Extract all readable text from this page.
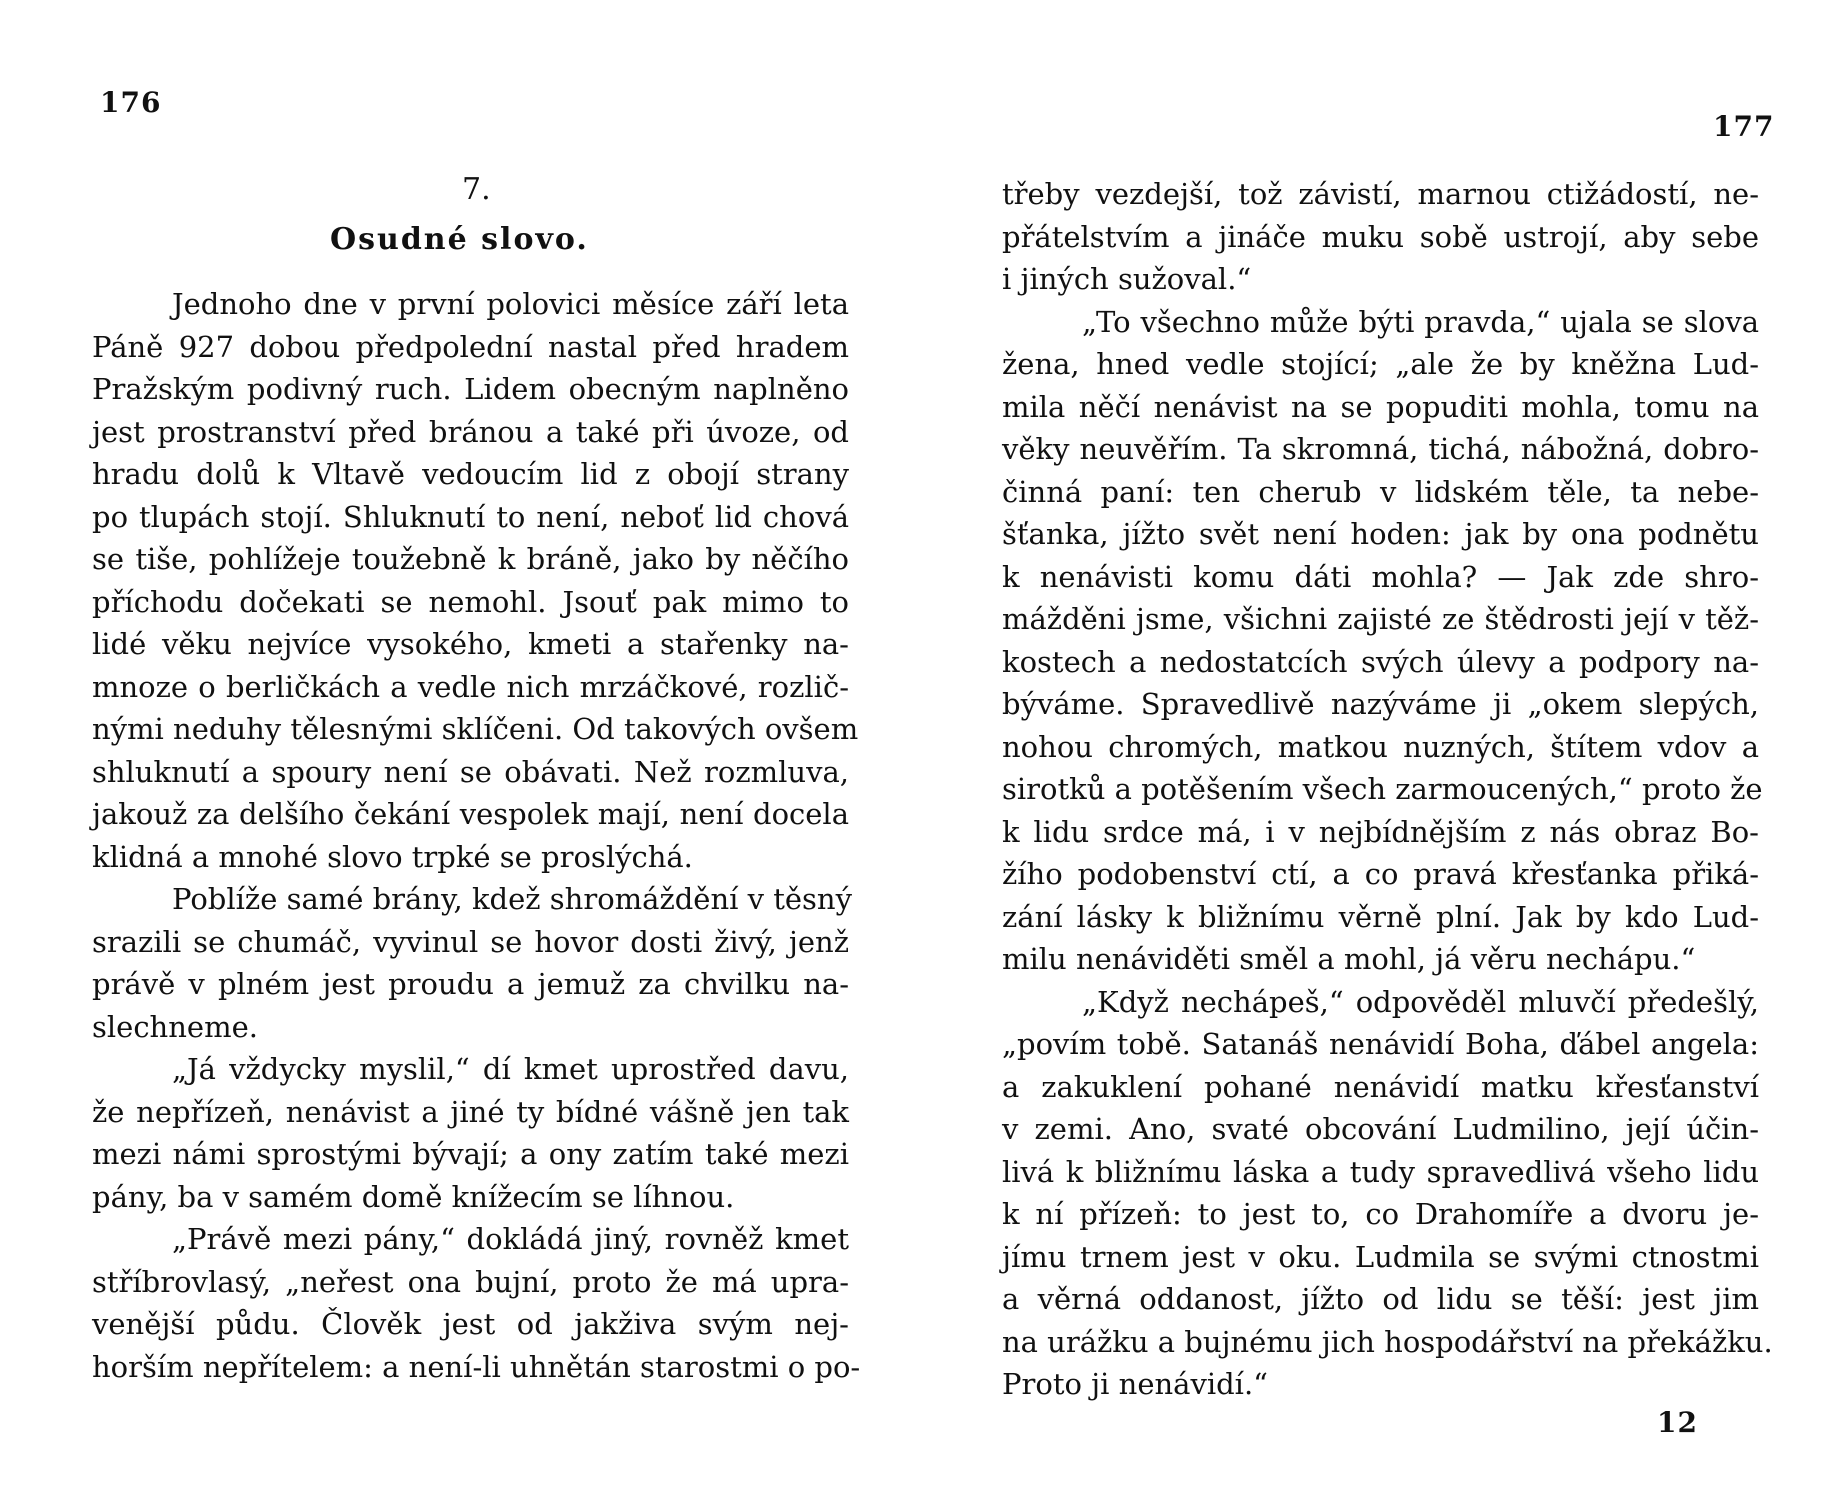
176
7.
Osudné slovo.
Jednoho dne v první polovici měsíce září leta
Páně 927 dobou předpolední nastal před hradem
Pražským podivný ruch. Lidem obecným naplněno
jest prostranství před bránou a také při úvoze, od
hradu dolů k Vltavě vedoucím lid z obojí strany
po tlupách stojí. Shluknutí to není, neboť lid chová
se tiše, pohlížeje toužebně k bráně, jako by něčího
příchodu dočekati se nemohl. Jsouť pak mimo to
lidé věku nejvíce vysokého, kmeti a stařenky na-
mnoze o berličkách a vedle nich mrzáčkové, rozlič-
nými neduhy tělesnými sklíčeni. Od takových ovšem
shluknutí a spoury není se obávati. Než rozmluva,
jakouž za delšího čekání vespolek mají, není docela
klidná a mnohé slovo trpké se proslýchá.
Poblíže samé brány, kdež shromáždění v těsný
srazili se chumáč, vyvinul se hovor dosti živý, jenž
právě v plném jest proudu a jemuž za chvilku na-
slechneme.
„Já vždycky myslil,“ dí kmet uprostřed davu,
že nepřízeň, nenávist a jiné ty bídné vášně jen tak
mezi námi sprostými bývají; a ony zatím také mezi
pány, ba v samém domě knížecím se líhnou.
„Právě mezi pány,“ dokládá jiný, rovněž kmet
stříbrovlasý, „neřest ona bujní, proto že má upra-
venější půdu. Člověk jest od jakživa svým nej-
horším nepřítelem: a není-li uhnětán starostmi o po-
177
třeby vezdejší, tož závistí, marnou ctižádostí, ne-
přátelstvím a jináče muku sobě ustrojí, aby sebe
i jiných sužoval.“
„To všechno může býti pravda,“ ujala se slova
žena, hned vedle stojící; „ale že by kněžna Lud-
mila něčí nenávist na se popuditi mohla, tomu na
věky neuvěřím. Ta skromná, tichá, nábožná, dobro-
činná paní: ten cherub v lidském těle, ta nebe-
šťanka, jížto svět není hoden: jak by ona podnětu
k nenávisti komu dáti mohla? — Jak zde shro-
mážděni jsme, všichni zajisté ze štědrosti její v těž-
kostech a nedostatcích svých úlevy a podpory na-
býváme. Spravedlivě nazýváme ji „okem slepých,
nohou chromých, matkou nuzných, štítem vdov a
sirotků a potěšením všech zarmoucených,“ proto že
k lidu srdce má, i v nejbídnějším z nás obraz Bo-
žího podobenství ctí, a co pravá křesťanka přiká-
zání lásky k bližnímu věrně plní. Jak by kdo Lud-
milu nenáviděti směl a mohl, já věru nechápu.“
„Když nechápeš,“ odpověděl mluvčí předešlý,
„povím tobě. Satanáš nenávidí Boha, ďábel angela:
a zakuklení pohané nenávidí matku křesťanství
v zemi. Ano, svaté obcování Ludmilino, její účin-
livá k bližnímu láska a tudy spravedlivá všeho lidu
k ní přízeň: to jest to, co Drahomíře a dvoru je-
jímu trnem jest v oku. Ludmila se svými ctnostmi
a věrná oddanost, jížto od lidu se těší: jest jim
na urážku a bujnému jich hospodářství na překážku.
Proto ji nenávidí.“
12
